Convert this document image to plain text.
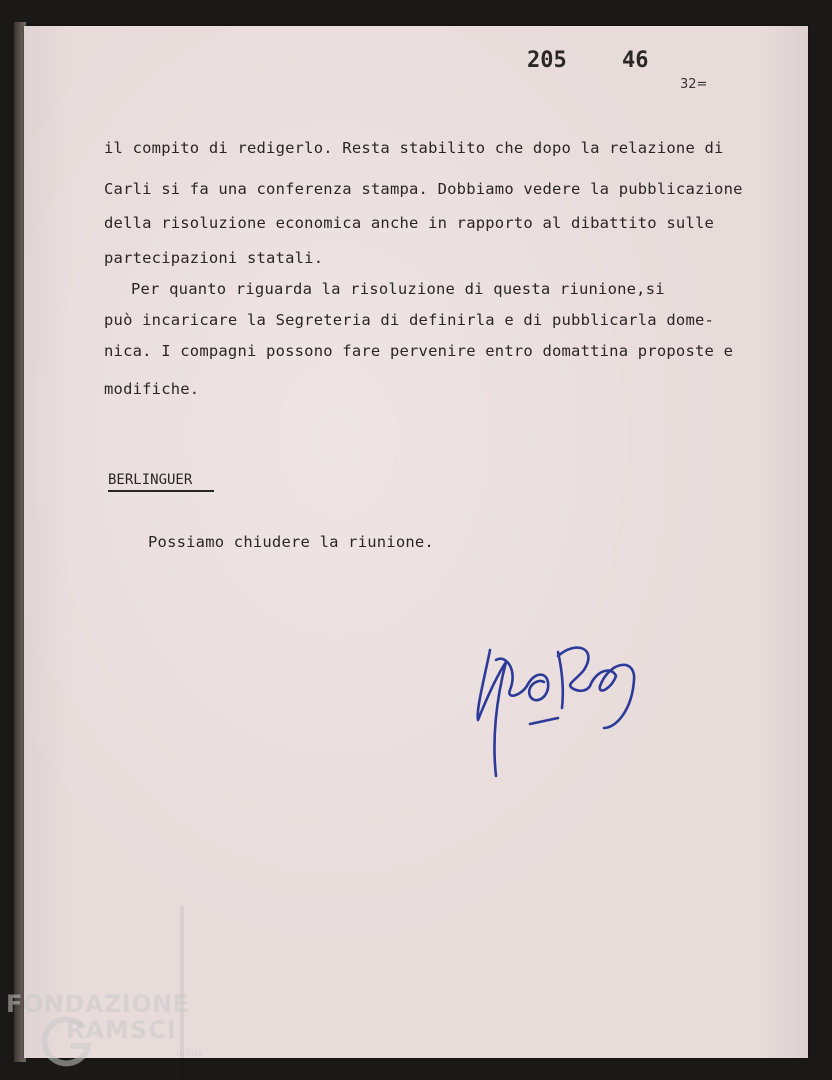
205	46
32=
il compito di redigerlo. Resta stabilito che dopo la relazione di
Carli si fa una conferenza stampa. Dobbiamo vedere la pubblicazione
della risoluzione economica anche in rapporto al dibattito sulle
partecipazioni statali.
Per quanto riguarda la risoluzione di questa riunione,si
può incaricare la Segreteria di definirla e di pubblicarla dome-
nica. I compagni possono fare pervenire entro domattina proposte e
modifiche.
BERLINGUER
Possiamo chiudere la riunione.
FONDAZIONE
RAMSCI
onlus
